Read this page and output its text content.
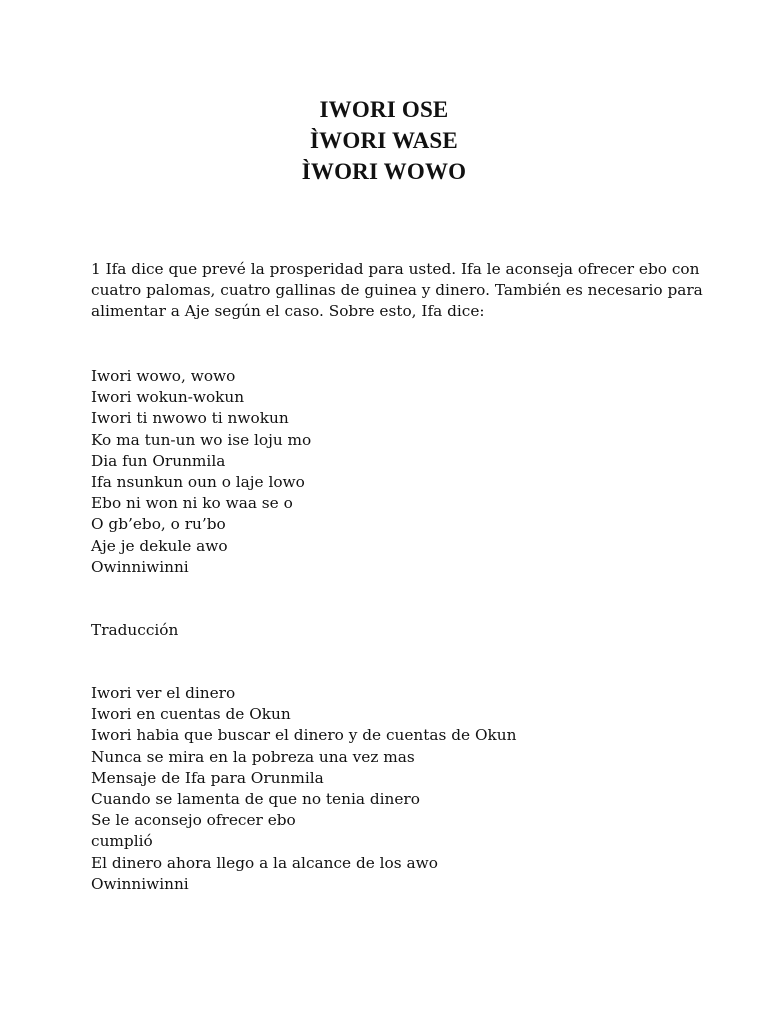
IWORI OSE
ÌWORI WASE
ÌWORI WOWO
1 Ifa dice que prevé la prosperidad para usted. Ifa le aconseja ofrecer ebo con
cuatro palomas, cuatro gallinas de guinea y dinero. También es necesario para
alimentar a Aje según el caso. Sobre esto, Ifa dice:
Iwori wowo, wowo
Iwori wokun-wokun
Iwori ti nwowo ti nwokun
Ko ma tun-un wo ise loju mo
Dia fun Orunmila
Ifa nsunkun oun o laje lowo
Ebo ni won ni ko waa se o
O gb’ebo, o ru’bo
Aje je dekule awo
Owinniwinni
Traducción
Iwori ver el dinero
Iwori en cuentas de Okun
Iwori habia que buscar el dinero y de cuentas de Okun
Nunca se mira en la pobreza una vez mas
Mensaje de Ifa para Orunmila
Cuando se lamenta de que no tenia dinero
Se le aconsejo ofrecer ebo
cumplió
El dinero ahora llego a la alcance de los awo
Owinniwinni
